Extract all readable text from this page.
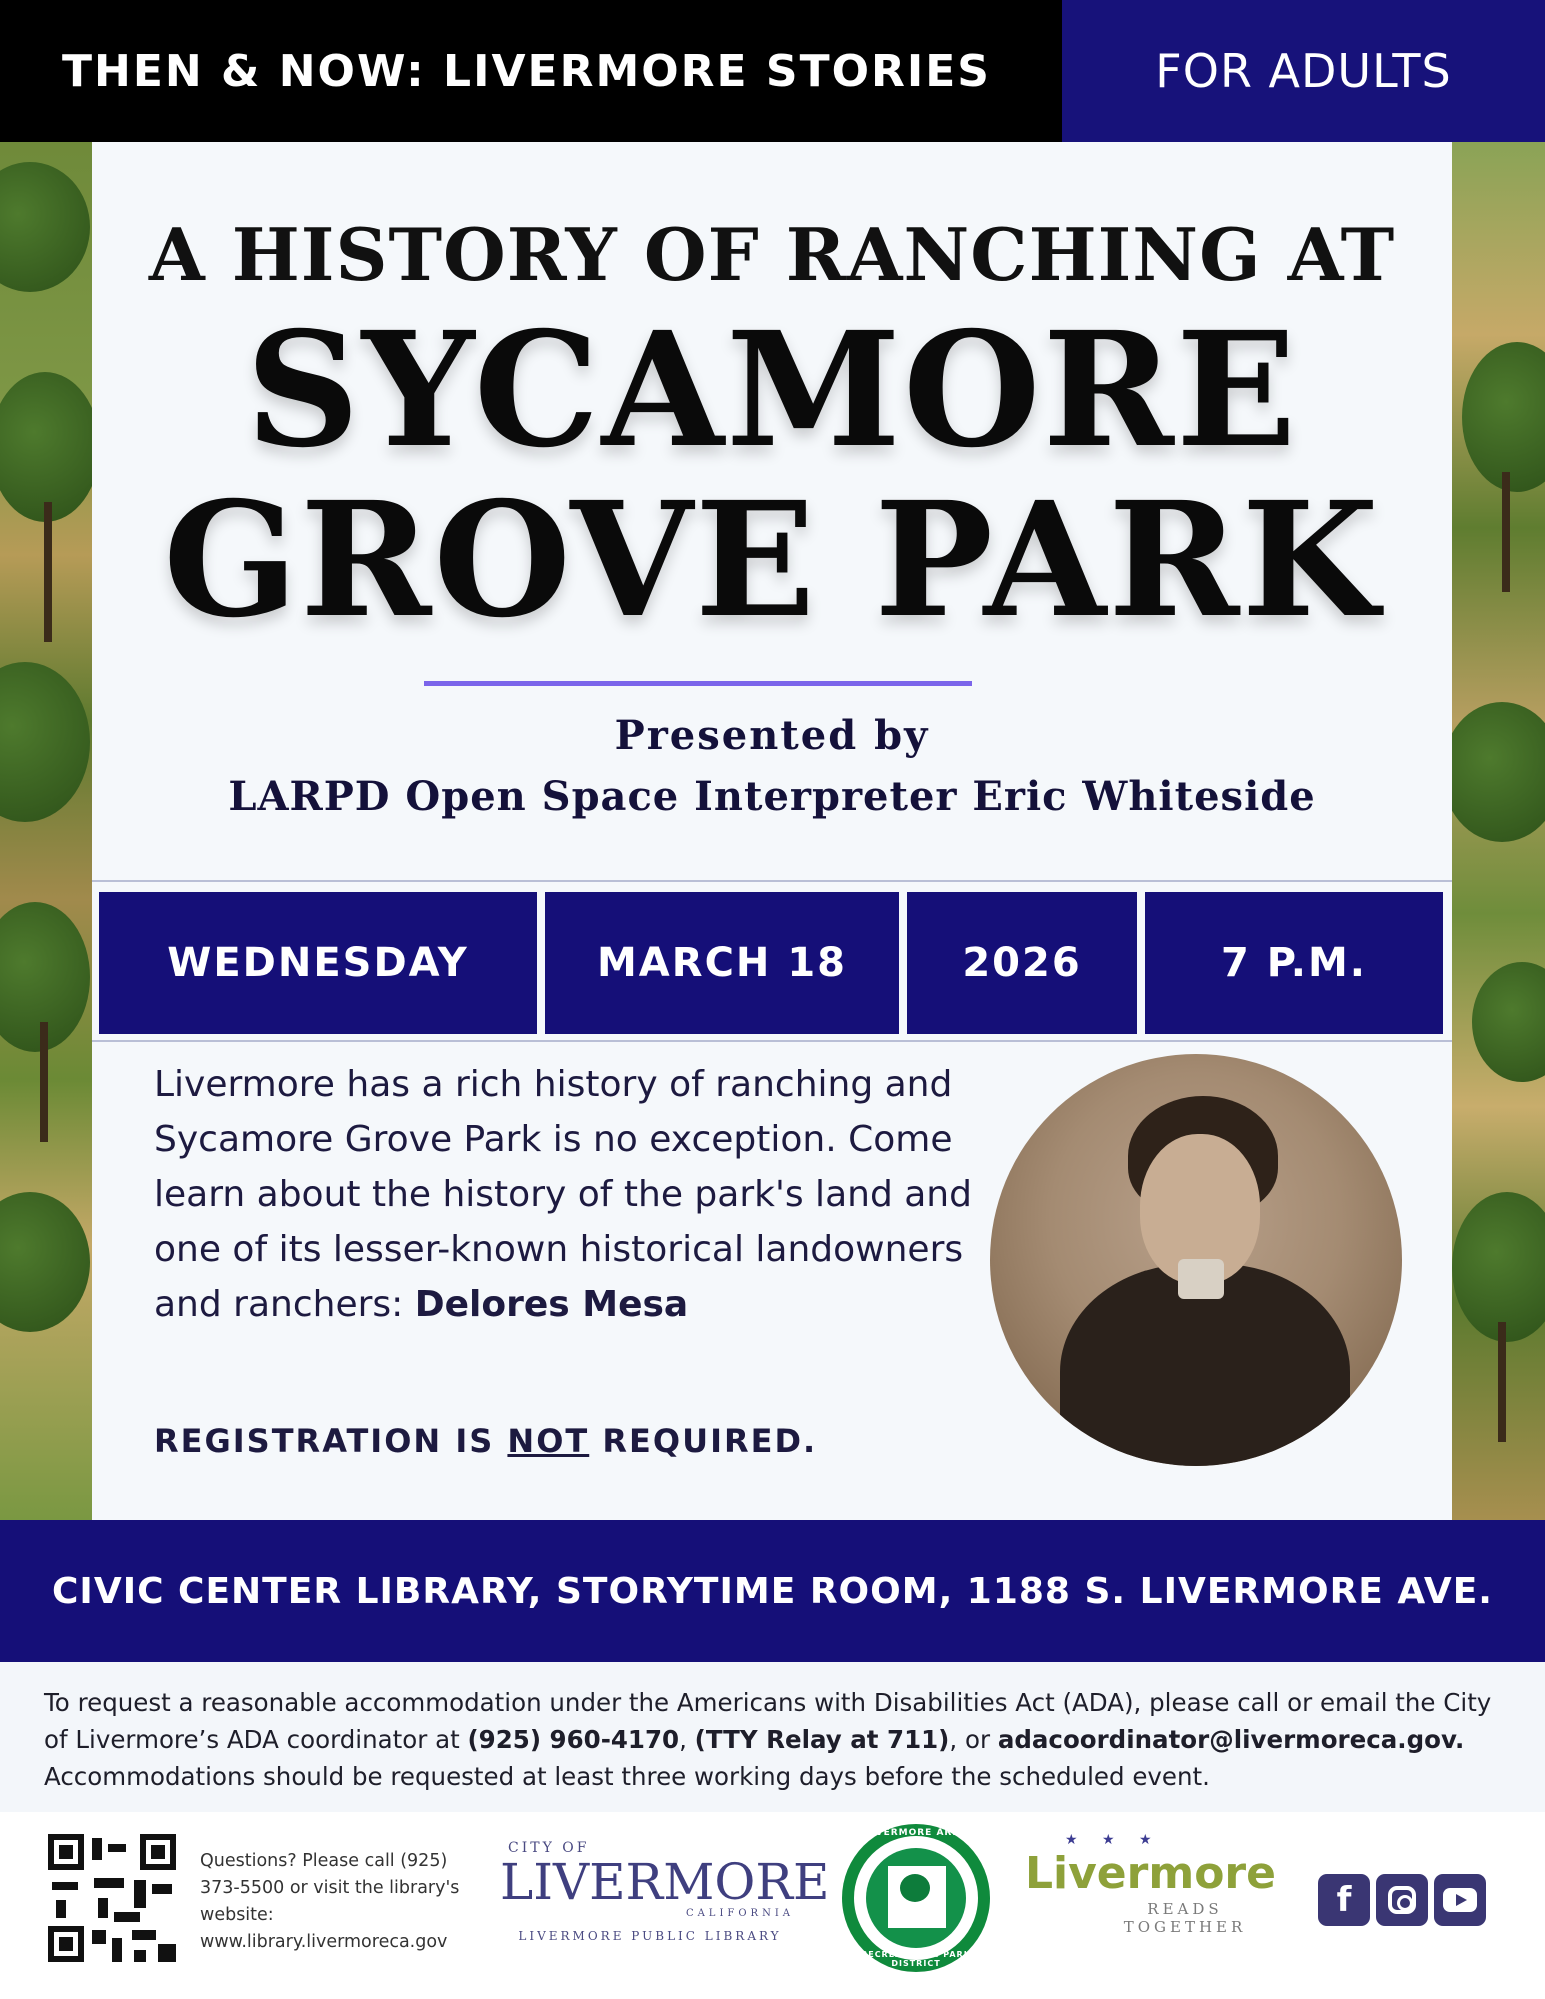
THEN & NOW: LIVERMORE STORIES	FOR ADULTS
A HISTORY OF RANCHING AT
SYCAMORE
GROVE PARK
Presented by
LARPD Open Space Interpreter Eric Whiteside
WEDNESDAY	MARCH 18	2026	7 P.M.
Livermore has a rich history of ranching and Sycamore Grove Park is no exception. Come learn about the history of the park's land and one of its lesser-known historical landowners and ranchers: Delores Mesa
REGISTRATION IS NOT REQUIRED.
CIVIC CENTER LIBRARY, STORYTIME ROOM, 1188 S. LIVERMORE AVE.
To request a reasonable accommodation under the Americans with Disabilities Act (ADA), please call or email the City of Livermore’s ADA coordinator at (925) 960-4170, (TTY Relay at 711), or adacoordinator@livermoreca.gov. Accommodations should be requested at least three working days before the scheduled event.
Questions? Please call (925) 373-5500 or visit the library's website: www.library.livermoreca.gov
CITY OF
LIVERMORE
CALIFORNIA
LIVERMORE PUBLIC LIBRARY
LIVERMORE AREA
RECREATION & PARK DISTRICT
★ ★ ★
Livermore
READS
TOGETHER
f
